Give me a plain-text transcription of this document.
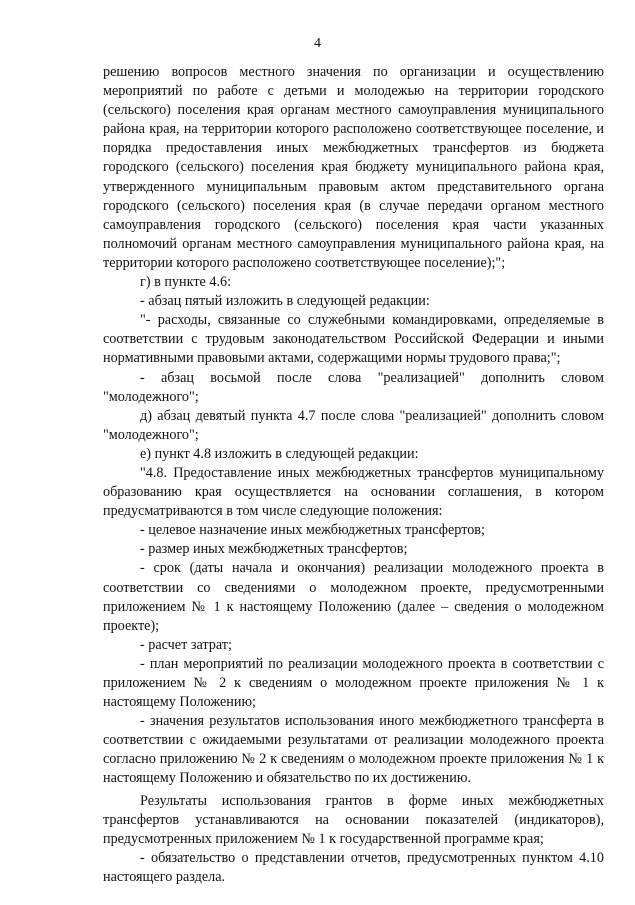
4

решению вопросов местного значения по организации и осуществлению мероприятий по работе с детьми и молодежью на территории городского (сельского) поселения края органам местного самоуправления муниципального района края, на территории которого расположено соответствующее поселение, и порядка предоставления иных межбюджетных трансфертов из бюджета городского (сельского) поселения края бюджету муниципального района края, утвержденного муниципальным правовым актом представительного органа городского (сельского) поселения края (в случае передачи органом местного самоуправления городского (сельского) поселения края части указанных полномочий органам местного самоуправления муниципального района края, на территории которого расположено соответствующее поселение);";

г) в пункте 4.6:

- абзац пятый изложить в следующей редакции:

"- расходы, связанные со служебными командировками, определяемые в соответствии с трудовым законодательством Российской Федерации и иными нормативными правовыми актами, содержащими нормы трудового права;";

- абзац восьмой после слова "реализацией" дополнить словом "молодежного";

д) абзац девятый пункта 4.7 после слова "реализацией" дополнить словом "молодежного";

е) пункт 4.8 изложить в следующей редакции:

"4.8. Предоставление иных межбюджетных трансфертов муниципальному образованию края осуществляется на основании соглашения, в котором предусматриваются в том числе следующие положения:

- целевое назначение иных межбюджетных трансфертов;

- размер иных межбюджетных трансфертов;

- срок (даты начала и окончания) реализации молодежного проекта в соответствии со сведениями о молодежном проекте, предусмотренными приложением № 1 к настоящему Положению (далее – сведения о молодежном проекте);

- расчет затрат;

- план мероприятий по реализации молодежного проекта в соответствии с приложением № 2 к сведениям о молодежном проекте приложения № 1 к настоящему Положению;

- значения результатов использования иного межбюджетного трансферта в соответствии с ожидаемыми результатами от реализации молодежного проекта согласно приложению № 2 к сведениям о молодежном проекте приложения № 1 к настоящему Положению и обязательство по их достижению.

Результаты использования грантов в форме иных межбюджетных трансфертов устанавливаются на основании показателей (индикаторов), предусмотренных приложением № 1 к государственной программе края;

- обязательство о представлении отчетов, предусмотренных пунктом 4.10 настоящего раздела.
